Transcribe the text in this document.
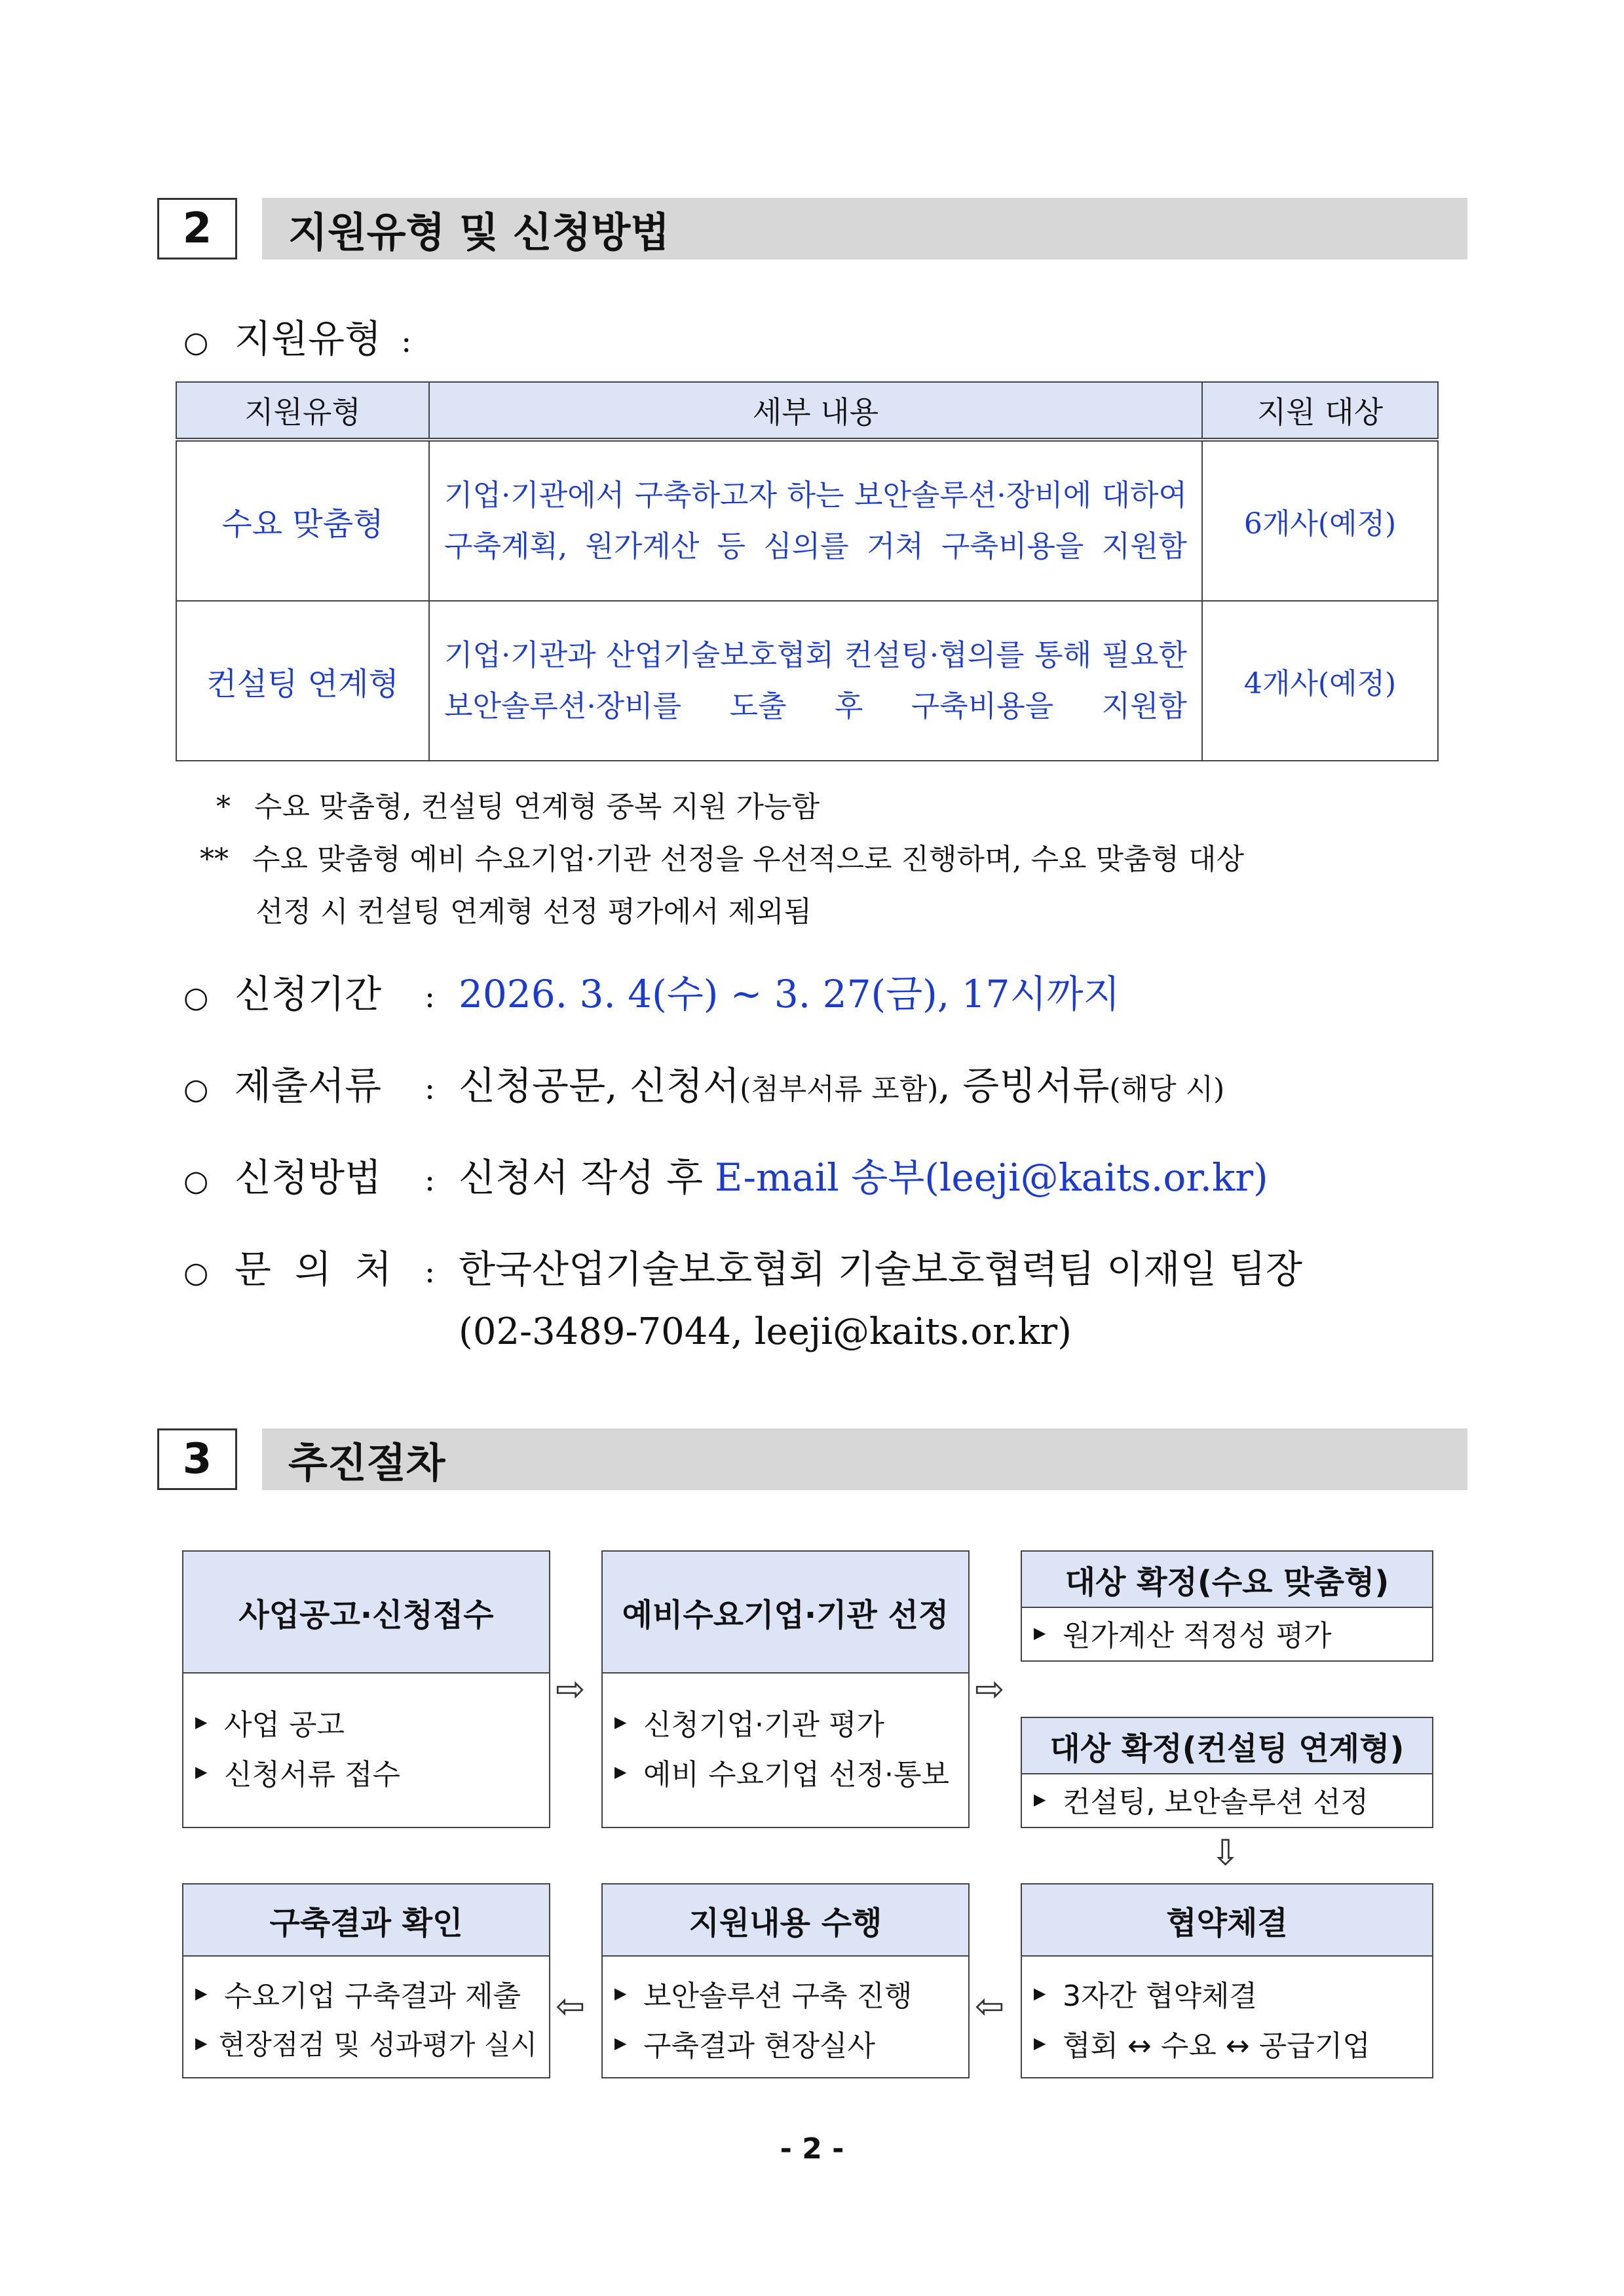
2	지원유형 및 신청방법
○ 지원유형 :
지원유형	세부 내용	지원 대상
수요 맞춤형	기업·기관에서 구축하고자 하는 보안솔루션·장비에 대하여 구축계획, 원가계산 등 심의를 거쳐 구축비용을 지원함	6개사(예정)
컨설팅 연계형	기업·기관과 산업기술보호협회 컨설팅·협의를 통해 필요한 보안솔루션·장비를 도출 후 구축비용을 지원함	4개사(예정)
* 수요 맞춤형, 컨설팅 연계형 중복 지원 가능함
** 수요 맞춤형 예비 수요기업·기관 선정을 우선적으로 진행하며, 수요 맞춤형 대상
선정 시 컨설팅 연계형 선정 평가에서 제외됨
○ 신청기간	: 2026. 3. 4(수) ~ 3. 27(금), 17시까지
○ 제출서류	: 신청공문, 신청서 (첨부서류 포함) , 증빙서류 (해당 시)
○ 신청방법	: 신청서 작성 후 E-mail 송부(leeji@kaits.or.kr)
○ 문의처 : 한국산업기술보호협회 기술보호협력팀 이재일 팀장
(02-3489-7044, leeji@kaits.or.kr)
3	추진절차
사업공고·신청접수
▶ 사업 공고
▶ 신청서류 접수
⇨
예비수요기업·기관 선정
▶ 신청기업·기관 평가
▶ 예비 수요기업 선정·통보
⇨
대상 확정(수요 맞춤형)
▶ 원가계산 적정성 평가
대상 확정(컨설팅 연계형)
▶ 컨설팅, 보안솔루션 선정
⇩
구축결과 확인
▶ 수요기업 구축결과 제출
▶ 현장점검 및 성과평가 실시
⇦
지원내용 수행
▶ 보안솔루션 구축 진행
▶ 구축결과 현장실사
⇦
협약체결
▶ 3자간 협약체결
▶ 협회 ↔ 수요 ↔ 공급기업
- 2 -
